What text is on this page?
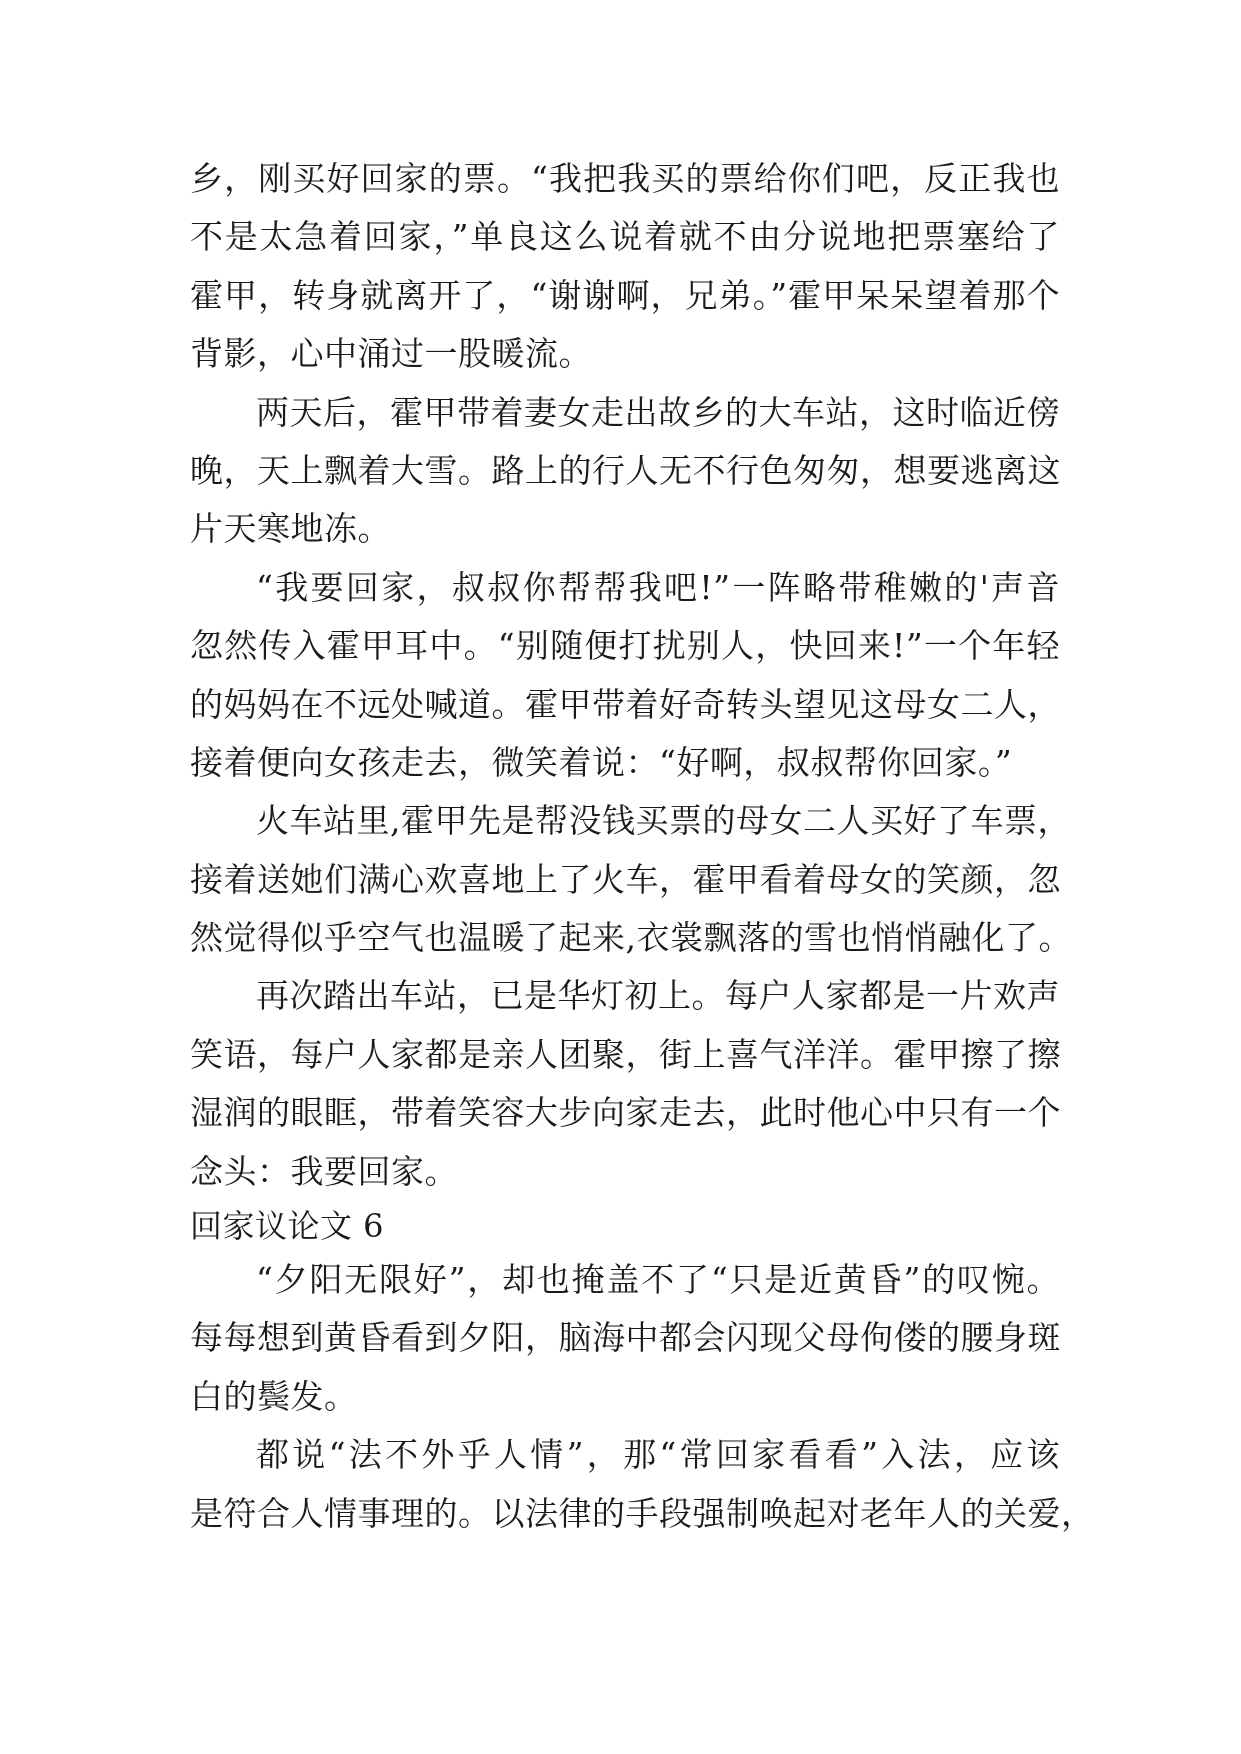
乡，刚买好回家的票。“我把我买的票给你们吧，反正我也
不是太急着回家，”单良这么说着就不由分说地把票塞给了
霍甲，转身就离开了，“谢谢啊，兄弟。”霍甲呆呆望着那个
背影，心中涌过一股暖流。
两天后，霍甲带着妻女走出故乡的大车站，这时临近傍
晚，天上飘着大雪。路上的行人无不行色匆匆，想要逃离这
片天寒地冻。
“我要回家，叔叔你帮帮我吧!”一阵略带稚嫩的'声音
忽然传入霍甲耳中。“别随便打扰别人，快回来!”一个年轻
的妈妈在不远处喊道。霍甲带着好奇转头望见这母女二人，
接着便向女孩走去，微笑着说：“好啊，叔叔帮你回家。”
火车站里,霍甲先是帮没钱买票的母女二人买好了车票，
接着送她们满心欢喜地上了火车，霍甲看着母女的笑颜，忽
然觉得似乎空气也温暖了起来,衣裳飘落的雪也悄悄融化了。
再次踏出车站，已是华灯初上。每户人家都是一片欢声
笑语，每户人家都是亲人团聚，街上喜气洋洋。霍甲擦了擦
湿润的眼眶，带着笑容大步向家走去，此时他心中只有一个
念头：我要回家。
回家议论文 6
“夕阳无限好”，却也掩盖不了“只是近黄昏”的叹惋。
每每想到黄昏看到夕阳，脑海中都会闪现父母佝偻的腰身斑
白的鬓发。
都说“法不外乎人情”，那“常回家看看”入法，应该
是符合人情事理的。以法律的手段强制唤起对老年人的关爱，
